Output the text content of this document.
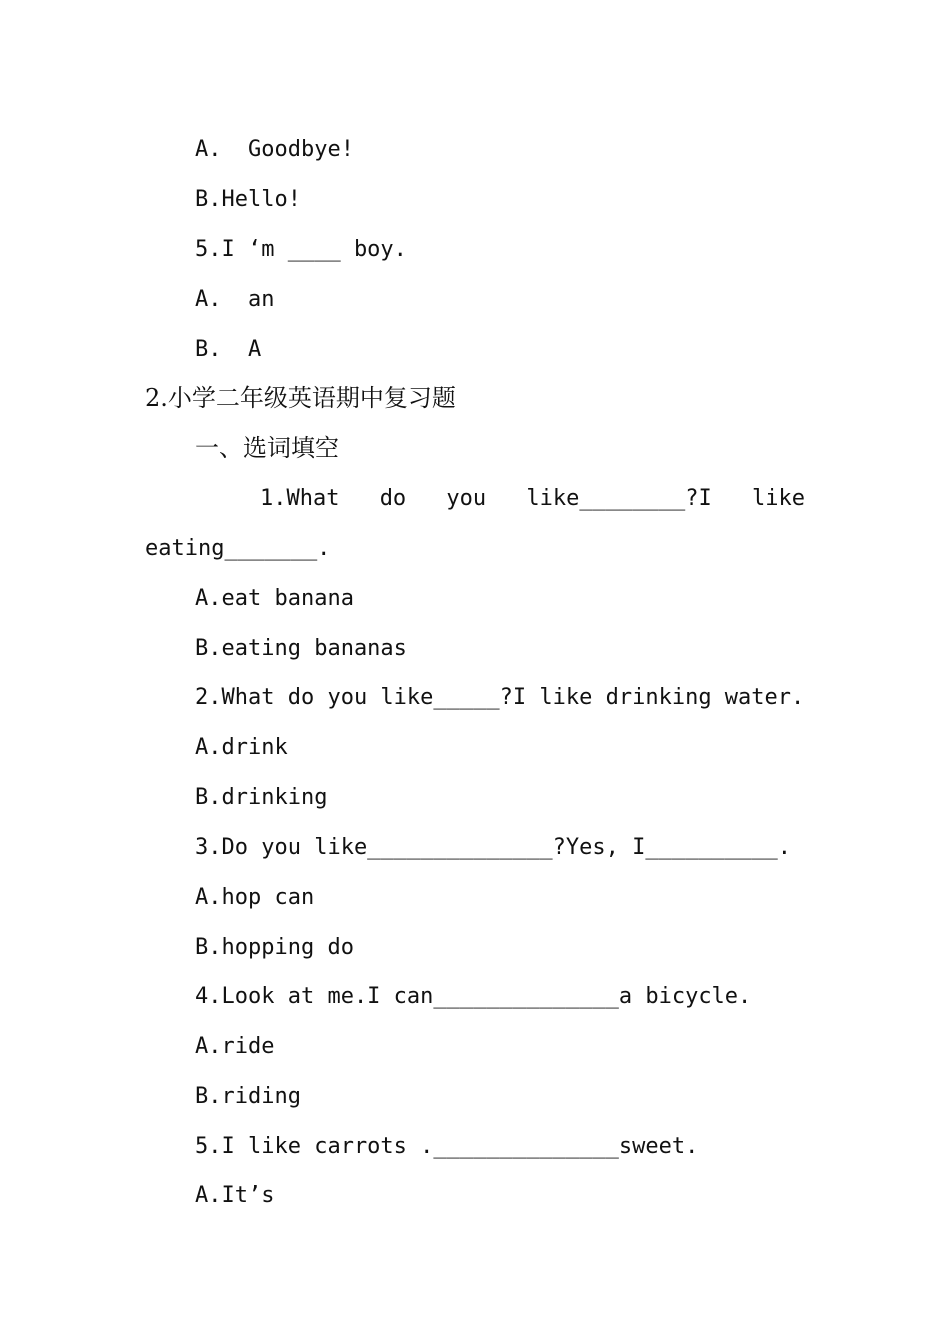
A.  Goodbye!
B.Hello!
5.I ‘m ____ boy.
A.  an
B.  A
2.小学二年级英语期中复习题
一、选词填空
1.What do you like________?I like
eating_______.
A.eat banana
B.eating bananas
2.What do you like_____?I like drinking water.
A.drink
B.drinking
3.Do you like______________?Yes, I__________.
A.hop can
B.hopping do
4.Look at me.I can______________a bicycle.
A.ride
B.riding
5.I like carrots .______________sweet.
A.It’s
